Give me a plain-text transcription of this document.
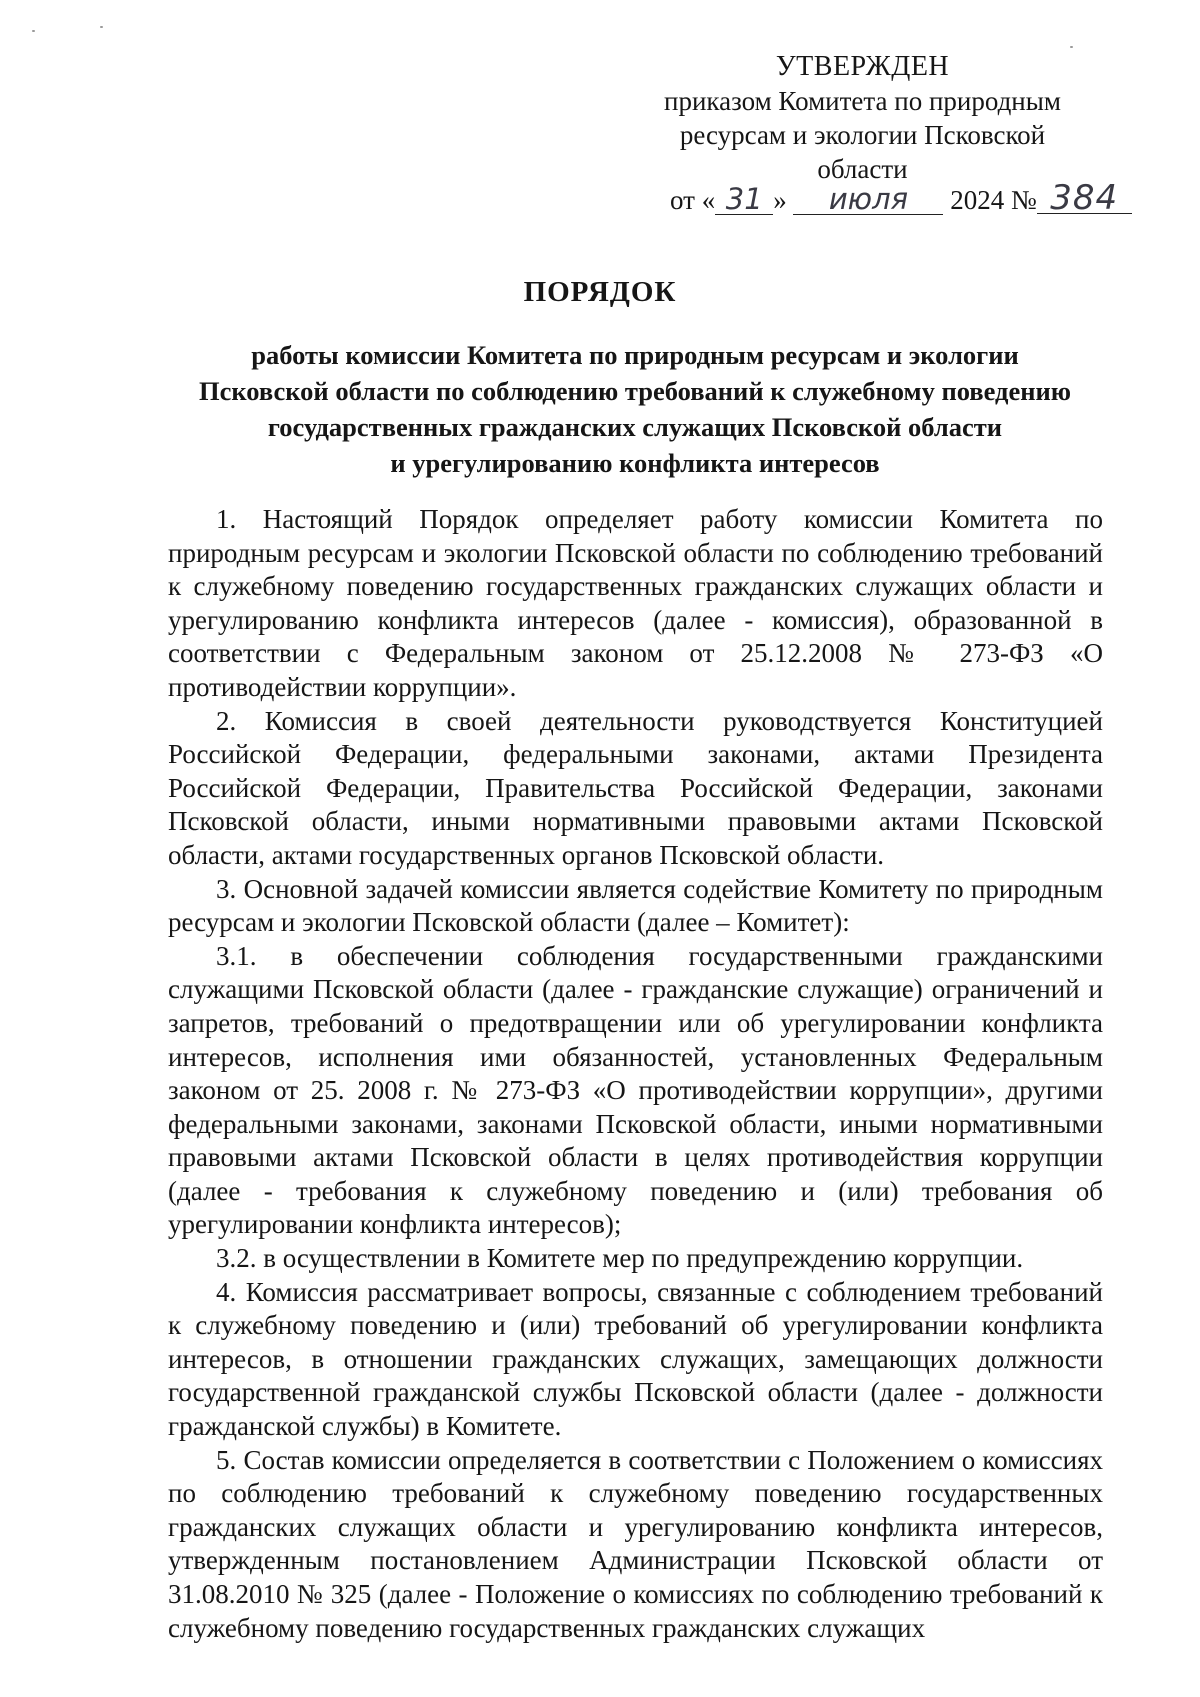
УТВЕРЖДЕН
приказом Комитета по природным
ресурсам и экологии Псковской
области
от « 31 » июля 2024 № 384
ПОРЯДОК
работы комиссии Комитета по природным ресурсам и экологии
Псковской области по соблюдению требований к служебному поведению
государственных гражданских служащих Псковской области
и урегулированию конфликта интересов

1. Настоящий Порядок определяет работу комиссии Комитета по природным ресурсам и экологии Псковской области по соблюдению требований к служебному поведению государственных гражданских служащих области и урегулированию конфликта интересов (далее - комиссия), образованной в соответствии с Федеральным законом от 25.12.2008 № 273-ФЗ «О противодействии коррупции».

2. Комиссия в своей деятельности руководствуется Конституцией Российской Федерации, федеральными законами, актами Президента Российской Федерации, Правительства Российской Федерации, законами Псковской области, иными нормативными правовыми актами Псковской области, актами государственных органов Псковской области.

3. Основной задачей комиссии является содействие Комитету по природным ресурсам и экологии Псковской области (далее – Комитет):

3.1. в обеспечении соблюдения государственными гражданскими служащими Псковской области (далее - гражданские служащие) ограничений и запретов, требований о предотвращении или об урегулировании конфликта интересов, исполнения ими обязанностей, установленных Федеральным законом от 25. 2008 г. № 273-ФЗ «О противодействии коррупции», другими федеральными законами, законами Псковской области, иными нормативными правовыми актами Псковской области в целях противодействия коррупции (далее - требования к служебному поведению и (или) требования об урегулировании конфликта интересов);

3.2. в осуществлении в Комитете мер по предупреждению коррупции.

4. Комиссия рассматривает вопросы, связанные с соблюдением требований к служебному поведению и (или) требований об урегулировании конфликта интересов, в отношении гражданских служащих, замещающих должности государственной гражданской службы Псковской области (далее - должности гражданской службы) в Комитете.

5. Состав комиссии определяется в соответствии с Положением о комиссиях по соблюдению требований к служебному поведению государственных гражданских служащих области и урегулированию конфликта интересов, утвержденным постановлением Администрации Псковской области от 31.08.2010 № 325 (далее - Положение о комиссиях по соблюдению требований к служебному поведению государственных гражданских служащих
